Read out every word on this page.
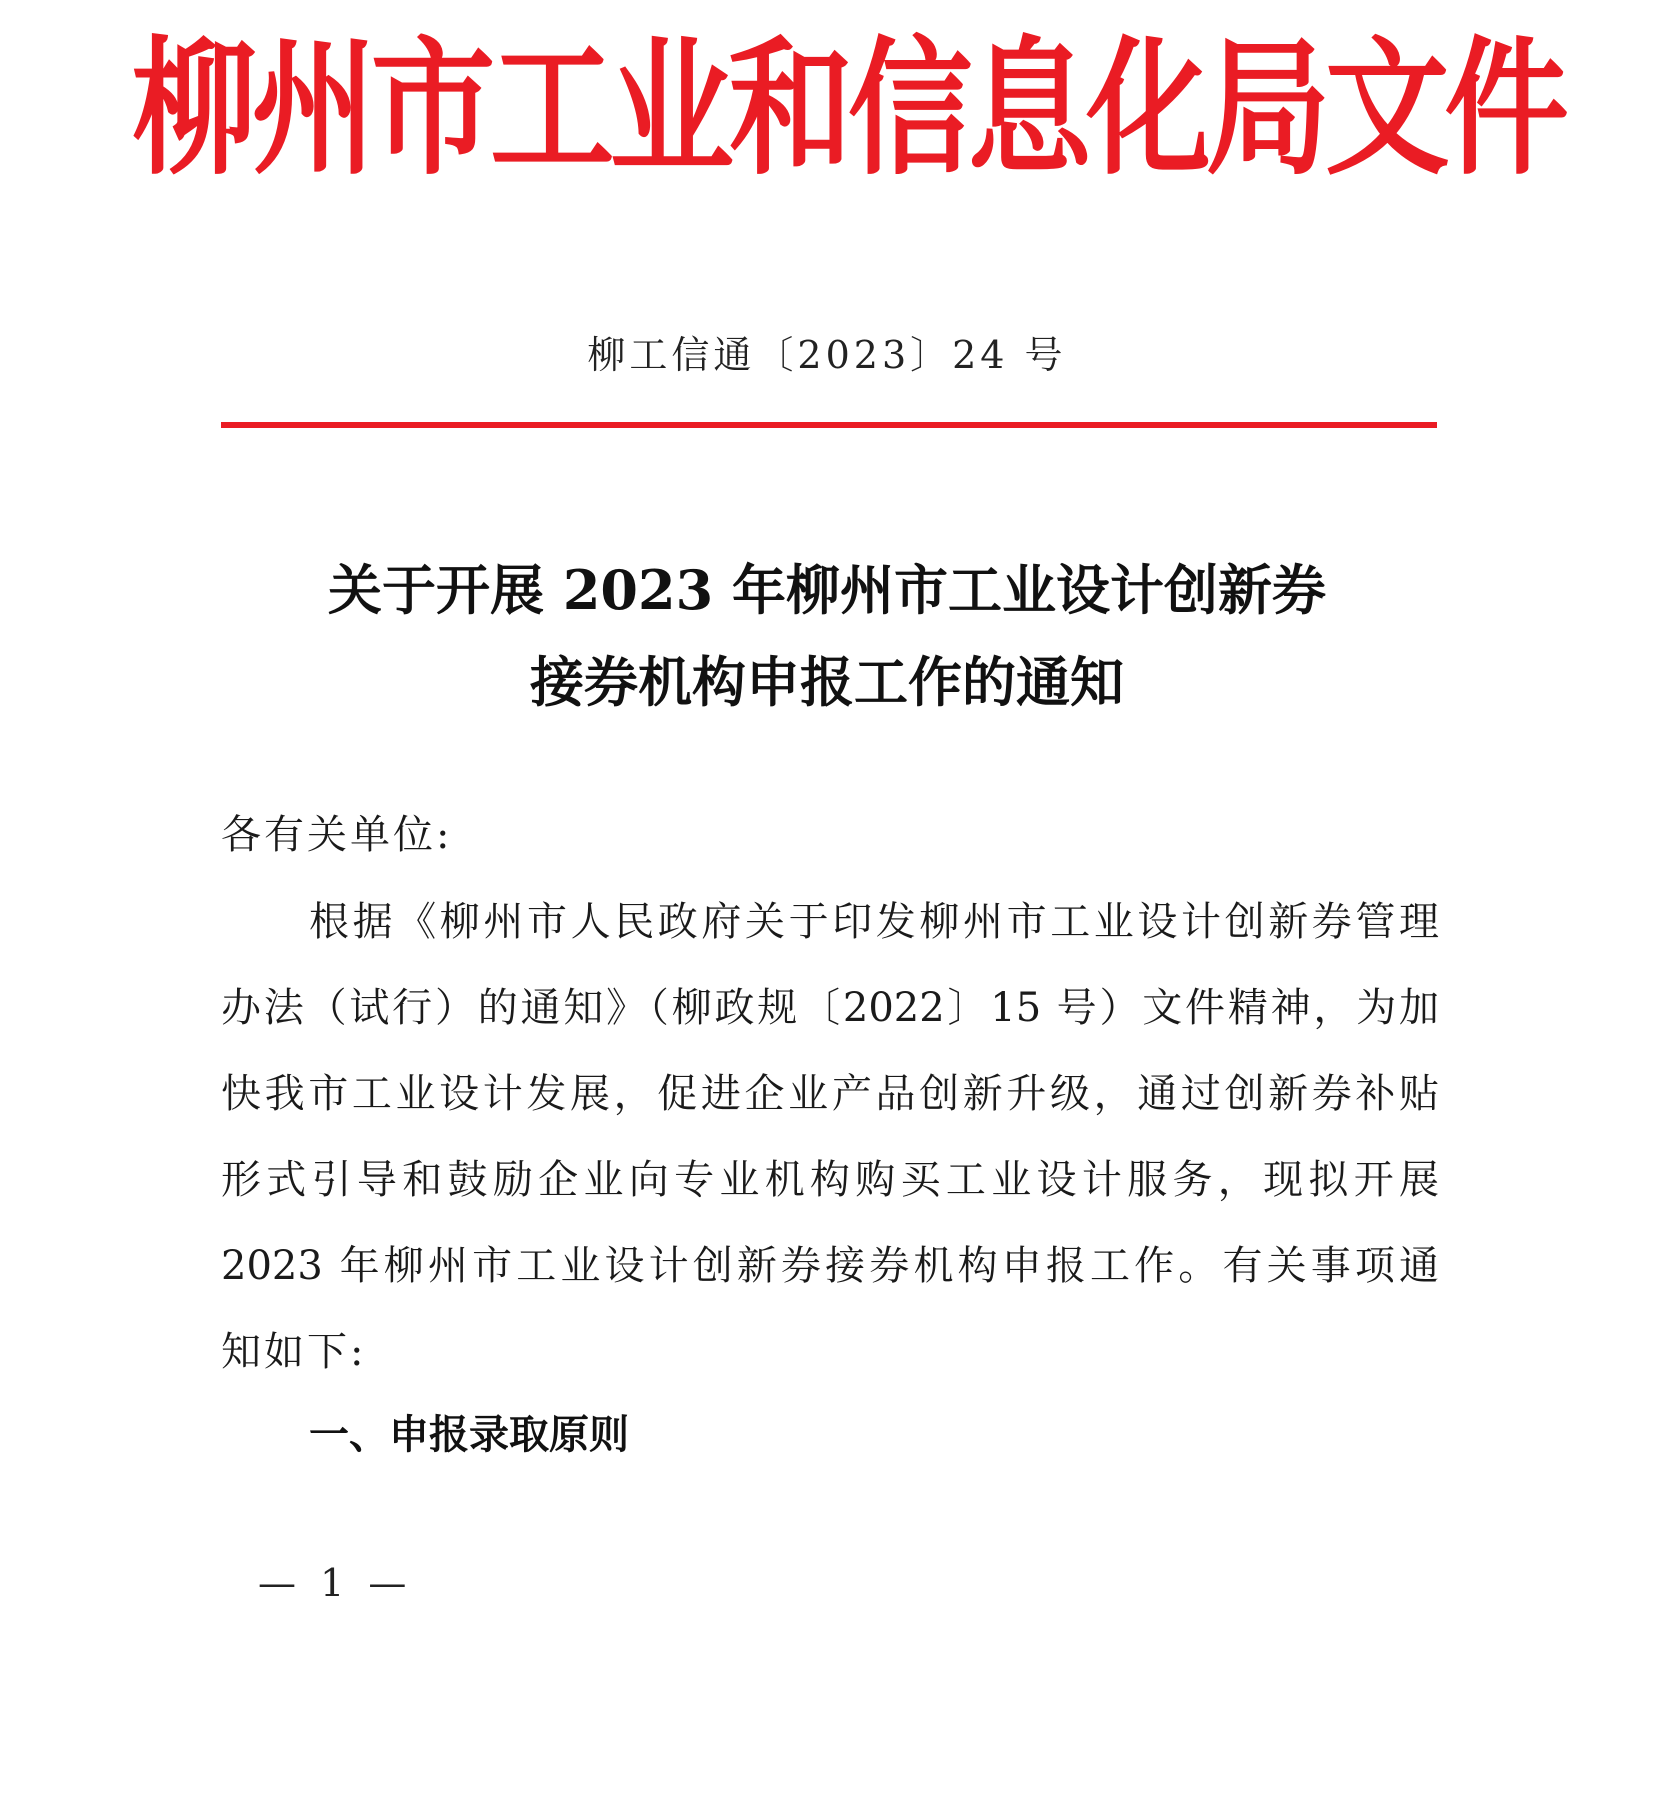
柳州市工业和信息化局文件
柳工信通〔2023〕24 号
关于开展 2023 年柳州市工业设计创新券
接券机构申报工作的通知
各有关单位:
根据《柳州市人民政府关于印发柳州市工业设计创新券管理
办法（试行）的通知》（柳政规〔2022〕15 号）文件精神，为加
快我市工业设计发展，促进企业产品创新升级，通过创新券补贴
形式引导和鼓励企业向专业机构购买工业设计服务，现拟开展
2023 年柳州市工业设计创新券接券机构申报工作。有关事项通
知如下:
一、申报录取原则
— 1 —
